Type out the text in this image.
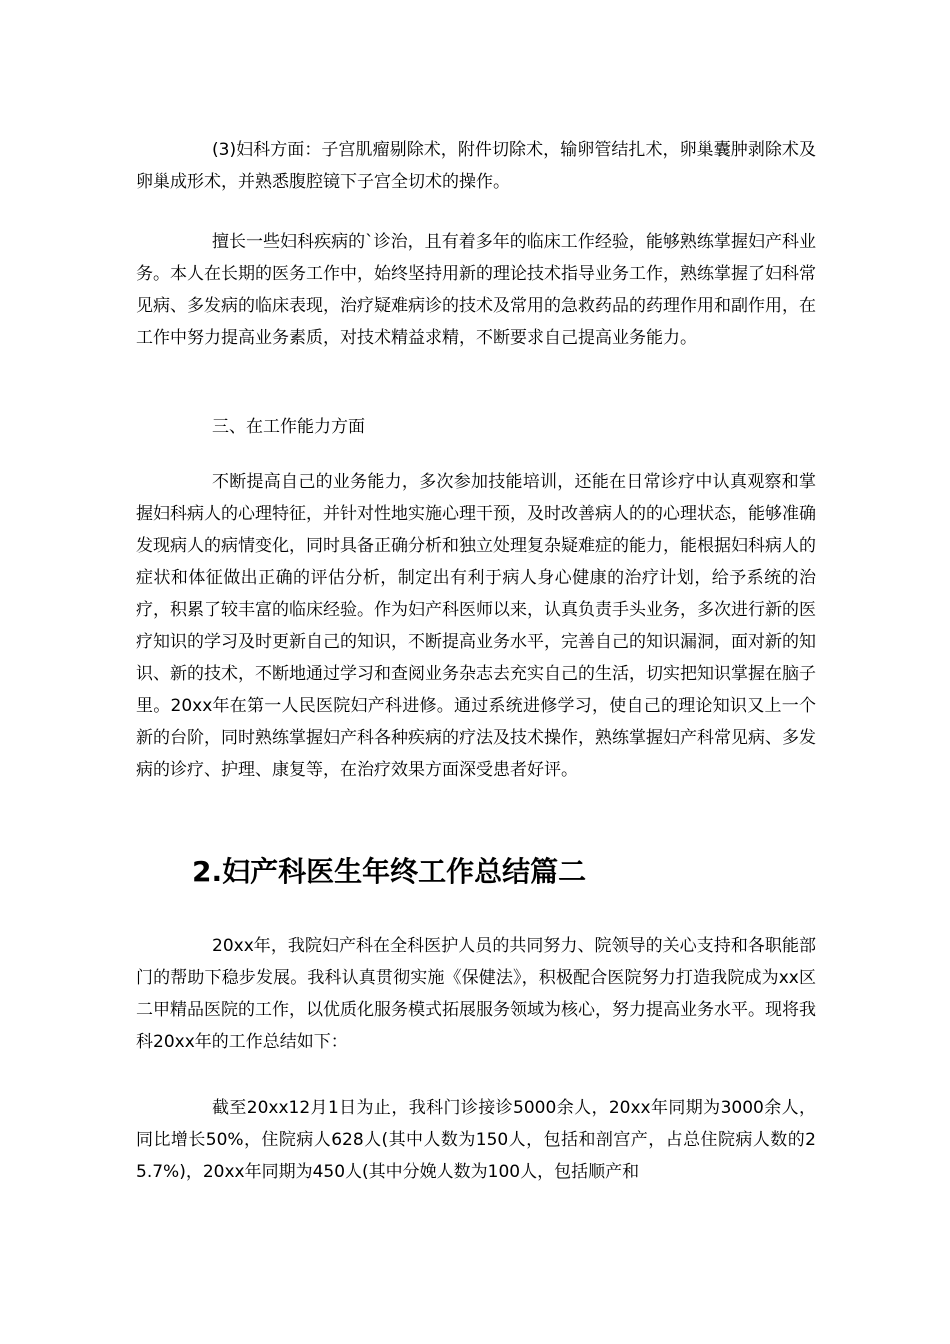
(3)妇科方面：子宫肌瘤剔除术，附件切除术，输卵管结扎术，卵巢囊肿剥除术及卵巢成形术，并熟悉腹腔镜下子宫全切术的操作。

擅长一些妇科疾病的`诊治，且有着多年的临床工作经验，能够熟练掌握妇产科业务。本人在长期的医务工作中，始终坚持用新的理论技术指导业务工作，熟练掌握了妇科常见病、多发病的临床表现，治疗疑难病诊的技术及常用的急救药品的药理作用和副作用，在工作中努力提高业务素质，对技术精益求精，不断要求自己提高业务能力。

三、在工作能力方面

不断提高自己的业务能力，多次参加技能培训，还能在日常诊疗中认真观察和掌握妇科病人的心理特征，并针对性地实施心理干预，及时改善病人的的心理状态，能够准确发现病人的病情变化，同时具备正确分析和独立处理复杂疑难症的能力，能根据妇科病人的症状和体征做出正确的评估分析，制定出有利于病人身心健康的治疗计划，给予系统的治疗，积累了较丰富的临床经验。作为妇产科医师以来，认真负责手头业务，多次进行新的医疗知识的学习及时更新自己的知识，不断提高业务水平，完善自己的知识漏洞，面对新的知识、新的技术，不断地通过学习和查阅业务杂志去充实自己的生活，切实把知识掌握在脑子里。20xx年在第一人民医院妇产科进修。通过系统进修学习，使自己的理论知识又上一个新的台阶，同时熟练掌握妇产科各种疾病的疗法及技术操作，熟练掌握妇产科常见病、多发病的诊疗、护理、康复等，在治疗效果方面深受患者好评。

2.妇产科医生年终工作总结篇二

20xx年，我院妇产科在全科医护人员的共同努力、院领导的关心支持和各职能部门的帮助下稳步发展。我科认真贯彻实施《保健法》，积极配合医院努力打造我院成为xx区二甲精品医院的工作，以优质化服务模式拓展服务领域为核心，努力提高业务水平。现将我科20xx年的工作总结如下：

截至20xx12月1日为止，我科门诊接诊5000余人，20xx年同期为3000余人，同比增长50%，住院病人628人(其中人数为150人，包括和剖宫产，占总住院病人数的25.7%)，20xx年同期为450人(其中分娩人数为100人，包括顺产和
